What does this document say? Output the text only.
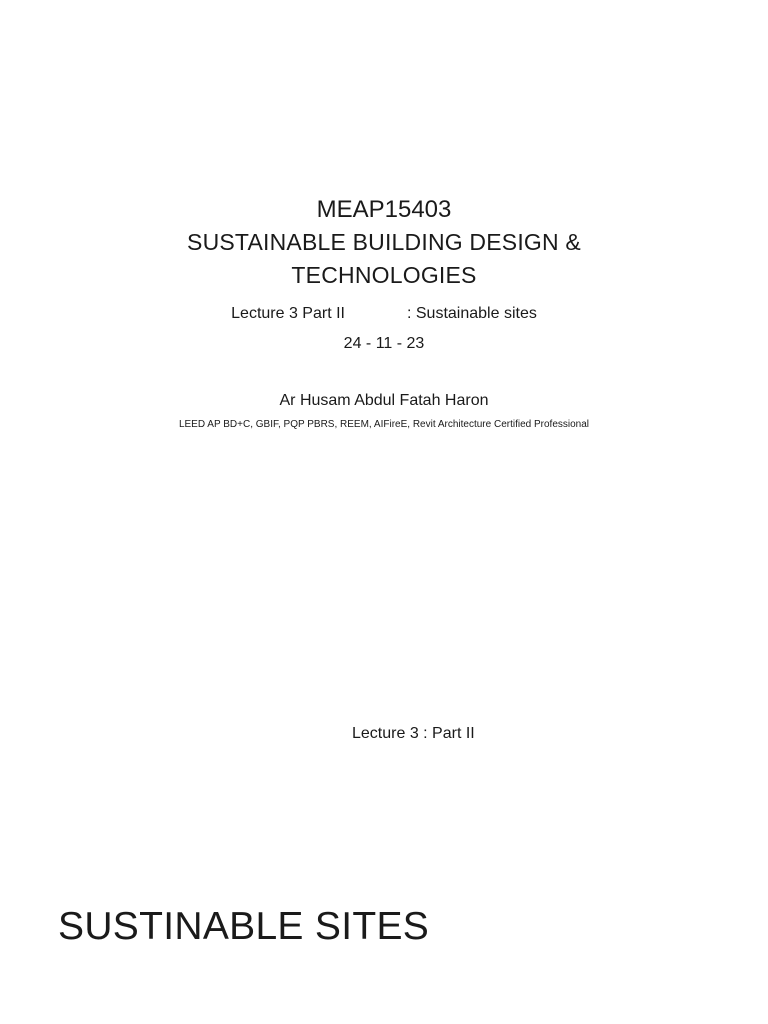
MEAP15403
SUSTAINABLE BUILDING DESIGN &
TECHNOLOGIES
Lecture 3 Part II	: Sustainable sites
24 - 11 - 23
Ar Husam Abdul Fatah Haron
LEED AP BD+C, GBIF, PQP PBRS, REEM, AIFireE, Revit Architecture Certified Professional
Lecture 3 : Part II
SUSTINABLE SITES
